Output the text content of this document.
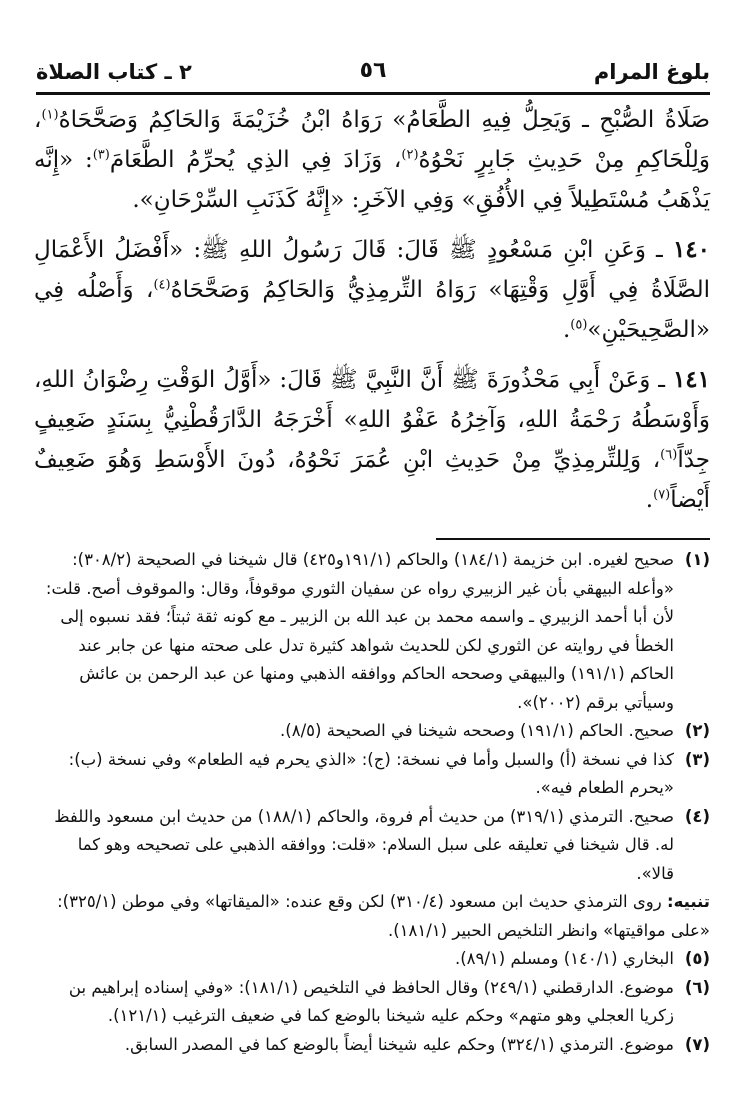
بلوغ المرام
٥٦
٢ ـ كتاب الصلاة

صَلَاةُ الصُّبْحِ ـ وَيَحِلُّ فِيهِ الطَّعَامُ» رَوَاهُ ابْنُ خُزَيْمَةَ وَالحَاكِمُ وَصَحَّحَاهُ$^{(١)}$، وَلِلْحَاكِمِ مِنْ حَدِيثِ جَابِرٍ نَحْوُهُ$^{(٢)}$، وَزَادَ فِي الذِي يُحرِّمُ الطَّعَامَ$^{(٣)}$: «إِنَّه يَذْهَبُ مُسْتَطِيلاً فِي الأُفُقِ» وَفِي الآخَرِ: «إِنَّهُ كَذَنَبِ السِّرْحَانِ».

١٤٠ ـ وَعَنِ ابْنِ مَسْعُودٍ ﷺ قَالَ: قَالَ رَسُولُ اللهِ ﷺ: «أَفْضَلُ الأَعْمَالِ الصَّلَاةُ فِي أَوَّلِ وَقْتِهَا» رَوَاهُ التِّرمِذِيُّ وَالحَاكِمُ وَصَحَّحَاهُ$^{(٤)}$، وَأَصْلُه فِي «الصَّحِيحَيْنِ»$^{(٥)}$.

١٤١ ـ وَعَنْ أَبِي مَحْذُورَةَ ﷺ أَنَّ النَّبِيَّ ﷺ قَالَ: «أَوَّلُ الوَقْتِ رِضْوَانُ اللهِ، وَأَوْسَطُهُ رَحْمَةُ اللهِ، وَآخِرُهُ عَفْوُ اللهِ» أَخْرَجَهُ الدَّارَقُطْنِيُّ بِسَنَدٍ ضَعِيفٍ جِدّاً$^{(٦)}$، وَلِلتِّرمِذِيِّ مِنْ حَدِيثِ ابْنِ عُمَرَ نَحْوُهُ، دُونَ الأَوْسَطِ وَهُوَ ضَعِيفٌ أَيْضاً$^{(٧)}$.

(١)
صحيح لغيره. ابن خزيمة (١٨٤/١) والحاكم (١٩١/١و٤٢٥) قال شيخنا في الصحيحة (٣٠٨/٢): «وأعله البيهقي بأن غير الزبيري رواه عن سفيان الثوري موقوفاً، وقال: والموقوف أصح. قلت: لأن أبا أحمد الزبيري ـ واسمه محمد بن عبد الله بن الزبير ـ مع كونه ثقة ثبتاً؛ فقد نسبوه إلى الخطأ في روايته عن الثوري لكن للحديث شواهد كثيرة تدل على صحته منها عن جابر عند الحاكم (١٩١/١) والبيهقي وصححه الحاكم ووافقه الذهبي ومنها عن عبد الرحمن بن عائش وسيأتي برقم (٢٠٠٢)».
(٢)
صحيح. الحاكم (١٩١/١) وصححه شيخنا في الصحيحة (٨/٥).
(٣)
كذا في نسخة (أ) والسبل وأما في نسخة: (ج): «الذي يحرم فيه الطعام» وفي نسخة (ب): «يحرم الطعام فيه».
(٤)
صحيح. الترمذي (٣١٩/١) من حديث أم فروة، والحاكم (١٨٨/١) من حديث ابن مسعود واللفظ له. قال شيخنا في تعليقه على سبل السلام: «قلت: ووافقه الذهبي على تصحيحه وهو كما قالا».
تنبيه: روى الترمذي حديث ابن مسعود (٣١٠/٤) لكن وقع عنده: «الميقاتها» وفي موطن (٣٢٥/١): «على مواقيتها» وانظر التلخيص الحبير (١٨١/١).
(٥)
البخاري (١٤٠/١) ومسلم (٨٩/١).
(٦)
موضوع. الدارقطني (٢٤٩/١) وقال الحافظ في التلخيص (١٨١/١): «وفي إسناده إبراهيم بن زكريا العجلي وهو متهم» وحكم عليه شيخنا بالوضع كما في ضعيف الترغيب (١٢١/١).
(٧)
موضوع. الترمذي (٣٢٤/١) وحكم عليه شيخنا أيضاً بالوضع كما في المصدر السابق.
